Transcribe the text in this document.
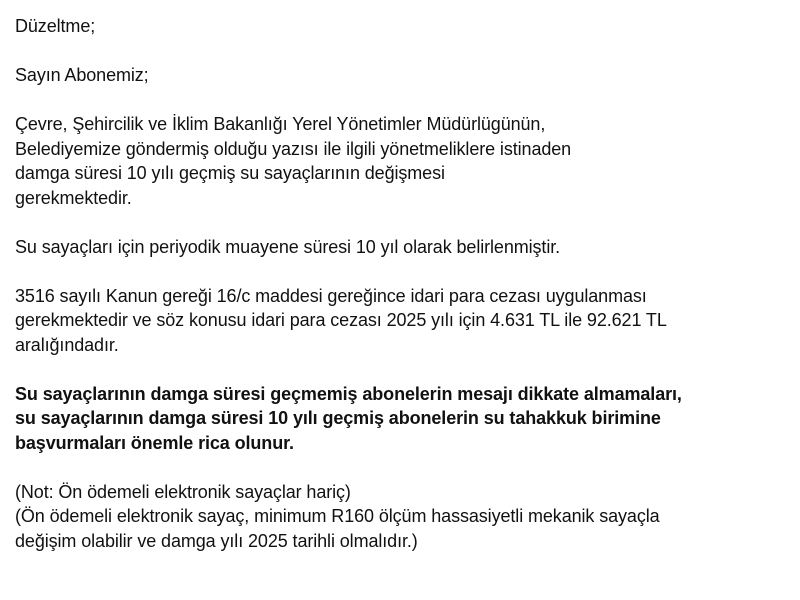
Düzeltme;
Sayın Abonemiz;
Çevre, Şehircilik ve İklim Bakanlığı Yerel Yönetimler Müdürlügünün,
Belediyemize göndermiş olduğu yazısı ile ilgili yönetmeliklere istinaden
damga süresi 10 yılı geçmiş su sayaçlarının değişmesi
gerekmektedir.
Su sayaçları için periyodik muayene süresi 10 yıl olarak belirlenmiştir.
3516 sayılı Kanun gereği 16/c maddesi gereğince idari para cezası uygulanması
gerekmektedir ve söz konusu idari para cezası 2025 yılı için 4.631 TL ile 92.621 TL
aralığındadır.
Su sayaçlarının damga süresi geçmemiş abonelerin mesajı dikkate almamaları,
su sayaçlarının damga süresi 10 yılı geçmiş abonelerin su tahakkuk birimine
başvurmaları önemle rica olunur.
(Not: Ön ödemeli elektronik sayaçlar hariç)
(Ön ödemeli elektronik sayaç, minimum R160 ölçüm hassasiyetli mekanik sayaçla
değişim olabilir ve damga yılı 2025 tarihli olmalıdır.)
